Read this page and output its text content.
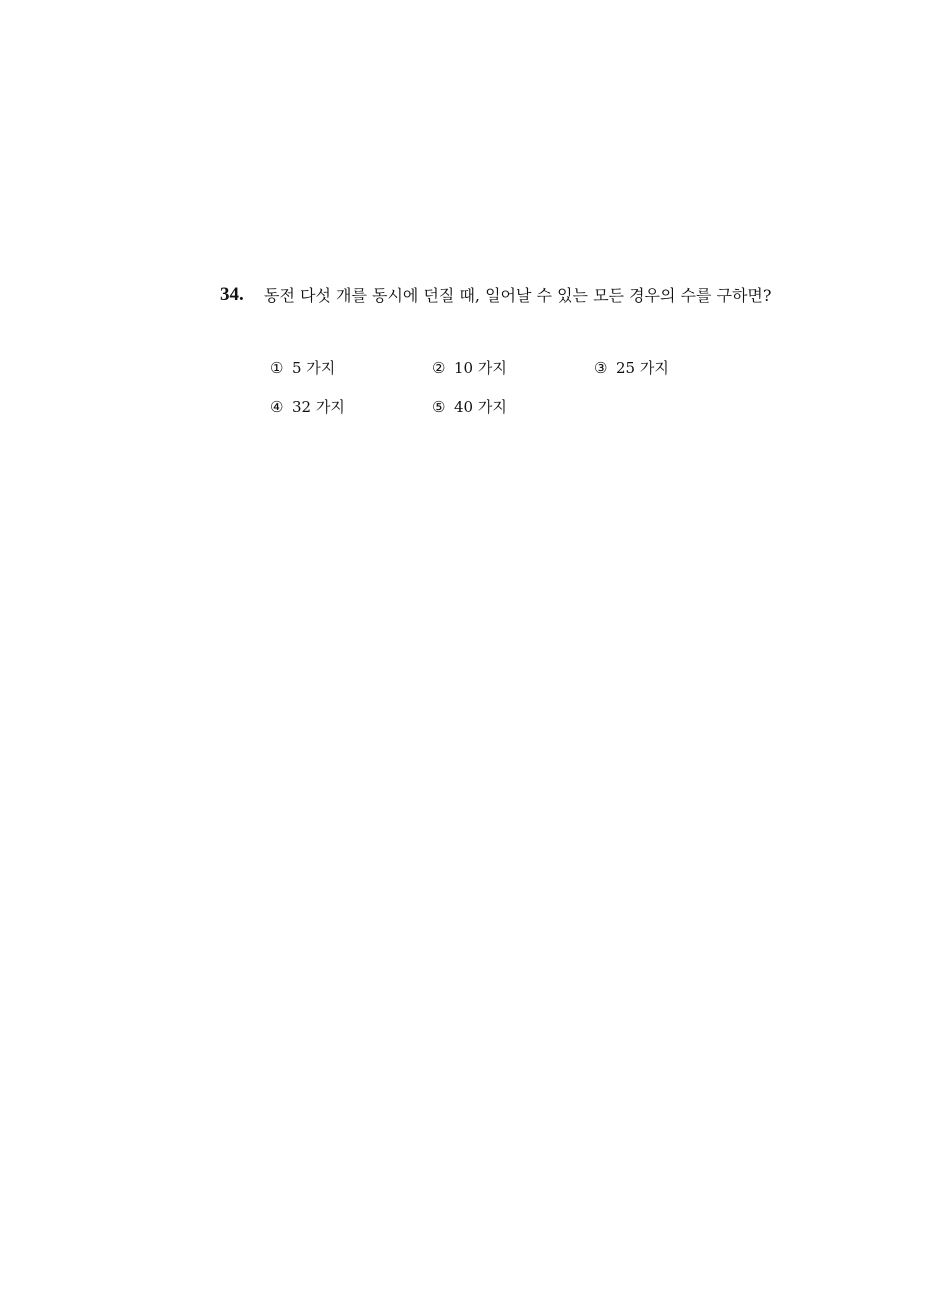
34. 동전 다섯 개를 동시에 던질 때, 일어날 수 있는 모든 경우의 수를 구하면?
① 5 가지	② 10 가지	③ 25 가지
④ 32 가지	⑤ 40 가지
